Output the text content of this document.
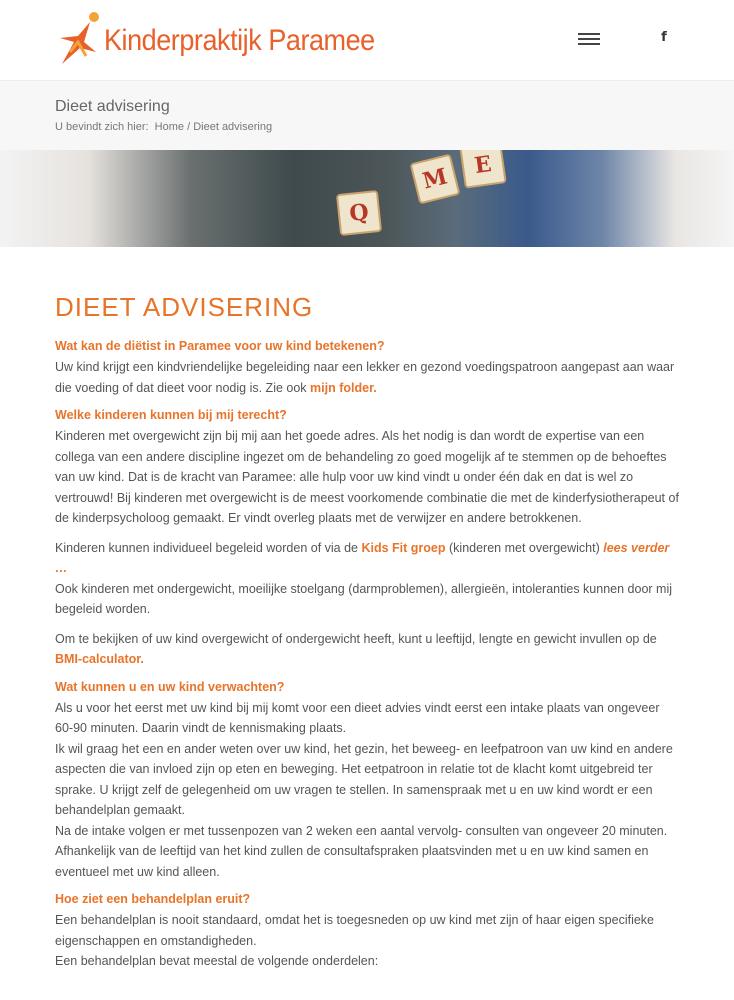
Kinderpraktijk Paramee	f
Dieet advisering
U bevindt zich hier: Home / Dieet advisering
Q
M	E
DIEET ADVISERING
Wat kan de diëtist in Paramee voor uw kind betekenen?

Uw kind krijgt een kindvriendelijke begeleiding naar een lekker en gezond voedingspatroon aangepast aan waar die voeding of dat dieet voor nodig is. Zie ook mijn folder.

Welke kinderen kunnen bij mij terecht?

Kinderen met overgewicht zijn bij mij aan het goede adres. Als het nodig is dan wordt de expertise van een collega van een andere discipline ingezet om de behandeling zo goed mogelijk af te stemmen op de behoeftes van uw kind. Dat is de kracht van Paramee: alle hulp voor uw kind vindt u onder één dak en dat is wel zo vertrouwd! Bij kinderen met overgewicht is de meest voorkomende combinatie die met de kinderfysiotherapeut of de kinderpsycholoog gemaakt. Er vindt overleg plaats met de verwijzer en andere betrokkenen.

Kinderen kunnen individueel begeleid worden of via de Kids Fit groep (kinderen met overgewicht) lees verder …
Ook kinderen met ondergewicht, moeilijke stoelgang (darmproblemen), allergieën, intoleranties kunnen door mij begeleid worden.

Om te bekijken of uw kind overgewicht of ondergewicht heeft, kunt u leeftijd, lengte en gewicht invullen op de BMI-calculator.

Wat kunnen u en uw kind verwachten?

Als u voor het eerst met uw kind bij mij komt voor een dieet advies vindt eerst een intake plaats van ongeveer 60-90 minuten. Daarin vindt de kennismaking plaats.
Ik wil graag het een en ander weten over uw kind, het gezin, het beweeg- en leefpatroon van uw kind en andere aspecten die van invloed zijn op eten en beweging. Het eetpatroon in relatie tot de klacht komt uitgebreid ter sprake. U krijgt zelf de gelegenheid om uw vragen te stellen. In samenspraak met u en uw kind wordt er een behandelplan gemaakt.
Na de intake volgen er met tussenpozen van 2 weken een aantal vervolg- consulten van ongeveer 20 minuten. Afhankelijk van de leeftijd van het kind zullen de consultafspraken plaatsvinden met u en uw kind samen en eventueel met uw kind alleen.

Hoe ziet een behandelplan eruit?

Een behandelplan is nooit standaard, omdat het is toegesneden op uw kind met zijn of haar eigen specifieke eigenschappen en omstandigheden.
Een behandelplan bevat meestal de volgende onderdelen:
